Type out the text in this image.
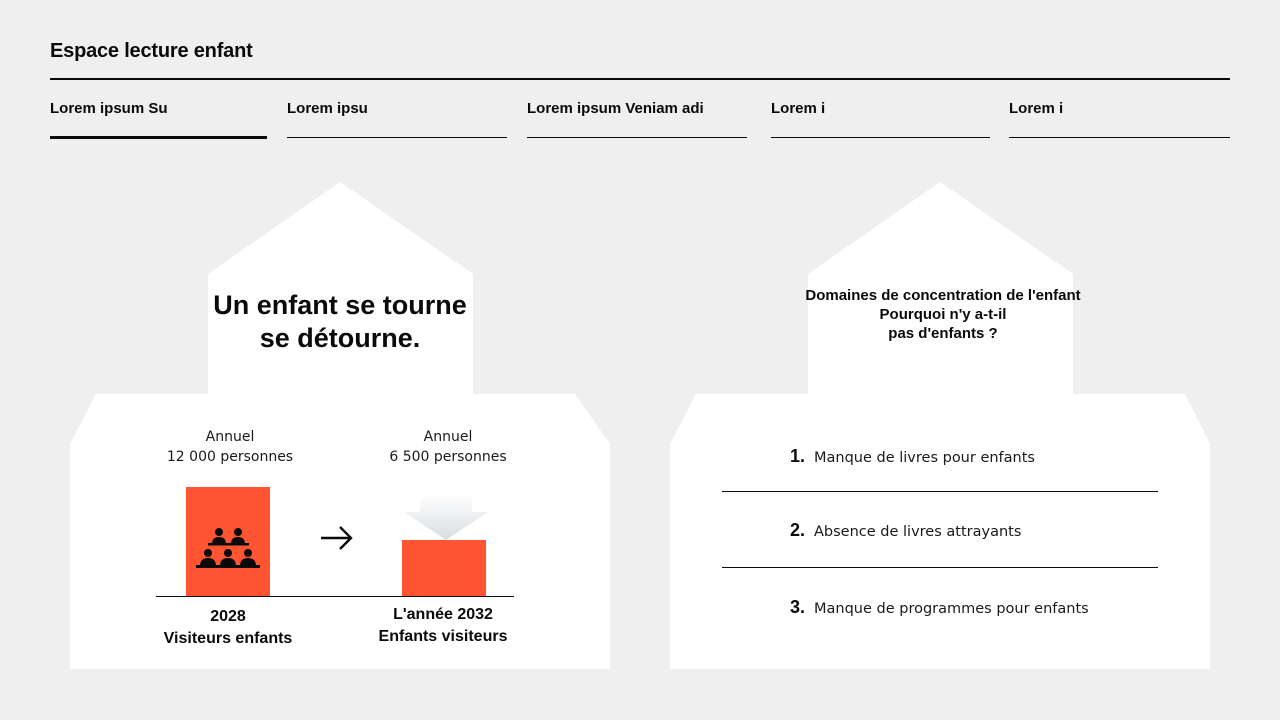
Espace lecture enfant
Lorem ipsum Su	Lorem ipsu	Lorem ipsum Veniam adi	Lorem i	Lorem i
Un enfant se tourne
se détourne.
Annuel
12 000 personnes
Annuel
6 500 personnes
2028
Visiteurs enfants
L'année 2032
Enfants visiteurs
Domaines de concentration de l'enfant
Pourquoi n'y a-t-il
pas d'enfants ?
1. Manque de livres pour enfants
2. Absence de livres attrayants
3. Manque de programmes pour enfants
